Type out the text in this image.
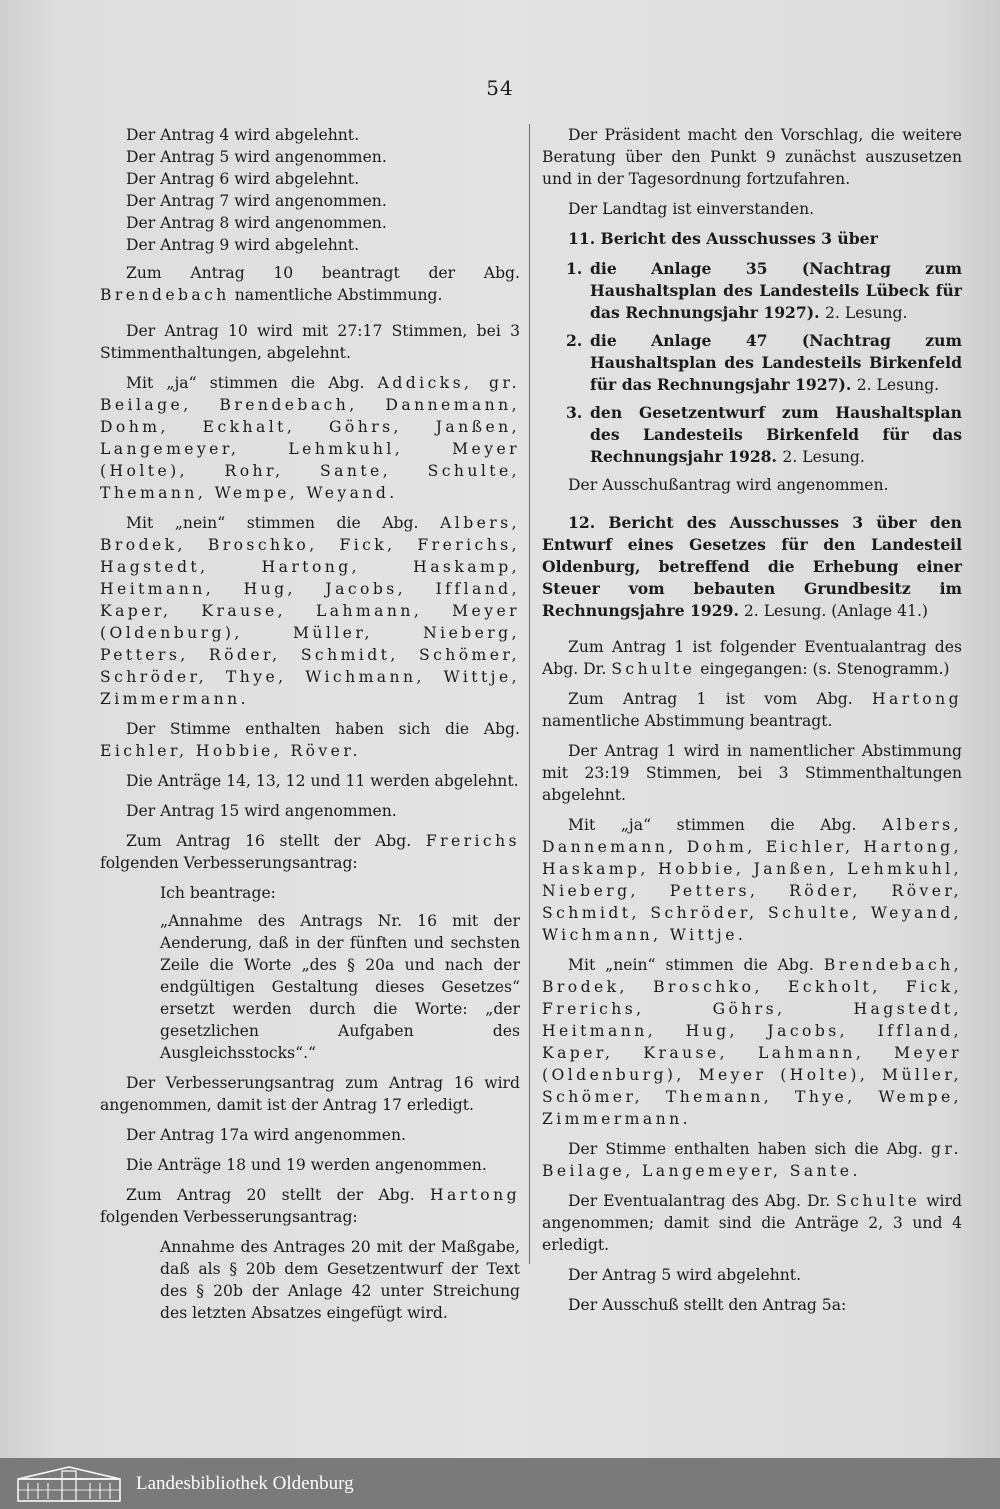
54

Der Antrag 4 wird abgelehnt.

Der Antrag 5 wird angenommen.

Der Antrag 6 wird abgelehnt.

Der Antrag 7 wird angenommen.

Der Antrag 8 wird angenommen.

Der Antrag 9 wird abgelehnt.

Zum Antrag 10 beantragt der Abg. Brendebach namentliche Abstimmung.

Der Antrag 10 wird mit 27:17 Stimmen, bei 3 Stimmenthaltungen, abgelehnt.

Mit „ja“ stimmen die Abg. Addicks, gr. Beilage, Brendebach, Dannemann, Dohm, Eckhalt, Göhrs, Janßen, Langemeyer, Lehmkuhl, Meyer (Holte), Rohr, Sante, Schulte, Themann, Wempe, Weyand.

Mit „nein“ stimmen die Abg. Albers, Brodek, Broschko, Fick, Frerichs, Hagstedt, Hartong, Haskamp, Heitmann, Hug, Jacobs, Iffland, Kaper, Krause, Lahmann, Meyer (Oldenburg), Müller, Nieberg, Petters, Röder, Schmidt, Schömer, Schröder, Thye, Wichmann, Wittje, Zimmermann.

Der Stimme enthalten haben sich die Abg. Eichler, Hobbie, Röver.

Die Anträge 14, 13, 12 und 11 werden abgelehnt.

Der Antrag 15 wird angenommen.

Zum Antrag 16 stellt der Abg. Frerichs folgenden Verbesserungsantrag:

Ich beantrage:

„Annahme des Antrags Nr. 16 mit der Aenderung, daß in der fünften und sechsten Zeile die Worte „des § 20a und nach der endgültigen Gestaltung dieses Gesetzes“ ersetzt werden durch die Worte: „der gesetzlichen Aufgaben des Ausgleichsstocks“.“

Der Verbesserungsantrag zum Antrag 16 wird angenommen, damit ist der Antrag 17 erledigt.

Der Antrag 17a wird angenommen.

Die Anträge 18 und 19 werden angenommen.

Zum Antrag 20 stellt der Abg. Hartong folgenden Verbesserungsantrag:

Annahme des Antrages 20 mit der Maßgabe, daß als § 20b dem Gesetzentwurf der Text des § 20b der Anlage 42 unter Streichung des letzten Absatzes eingefügt wird.

Der Präsident macht den Vorschlag, die weitere Beratung über den Punkt 9 zunächst auszusetzen und in der Tagesordnung fortzufahren.

Der Landtag ist einverstanden.

11. Bericht des Ausschusses 3 über

1. die Anlage 35 (Nachtrag zum Haushaltsplan des Landesteils Lübeck für das Rechnungsjahr 1927). 2. Lesung.
2. die Anlage 47 (Nachtrag zum Haushaltsplan des Landesteils Birkenfeld für das Rechnungsjahr 1927). 2. Lesung.
3. den Gesetzentwurf zum Haushaltsplan des Landesteils Birkenfeld für das Rechnungsjahr 1928. 2. Lesung.

Der Ausschußantrag wird angenommen.

12. Bericht des Ausschusses 3 über den Entwurf eines Gesetzes für den Landesteil Oldenburg, betreffend die Erhebung einer Steuer vom bebauten Grundbesitz im Rechnungsjahre 1929. 2. Lesung. (Anlage 41.)

Zum Antrag 1 ist folgender Eventualantrag des Abg. Dr. Schulte eingegangen: (s. Stenogramm.)

Zum Antrag 1 ist vom Abg. Hartong namentliche Abstimmung beantragt.

Der Antrag 1 wird in namentlicher Abstimmung mit 23:19 Stimmen, bei 3 Stimmenthaltungen abgelehnt.

Mit „ja“ stimmen die Abg. Albers, Dannemann, Dohm, Eichler, Hartong, Haskamp, Hobbie, Janßen, Lehmkuhl, Nieberg, Petters, Röder, Röver, Schmidt, Schröder, Schulte, Weyand, Wichmann, Wittje.

Mit „nein“ stimmen die Abg. Brendebach, Brodek, Broschko, Eckholt, Fick, Frerichs, Göhrs, Hagstedt, Heitmann, Hug, Jacobs, Iffland, Kaper, Krause, Lahmann, Meyer (Oldenburg), Meyer (Holte), Müller, Schömer, Themann, Thye, Wempe, Zimmermann.

Der Stimme enthalten haben sich die Abg. gr. Beilage, Langemeyer, Sante.

Der Eventualantrag des Abg. Dr. Schulte wird angenommen; damit sind die Anträge 2, 3 und 4 erledigt.

Der Antrag 5 wird abgelehnt.

Der Ausschuß stellt den Antrag 5a:

Landesbibliothek Oldenburg
